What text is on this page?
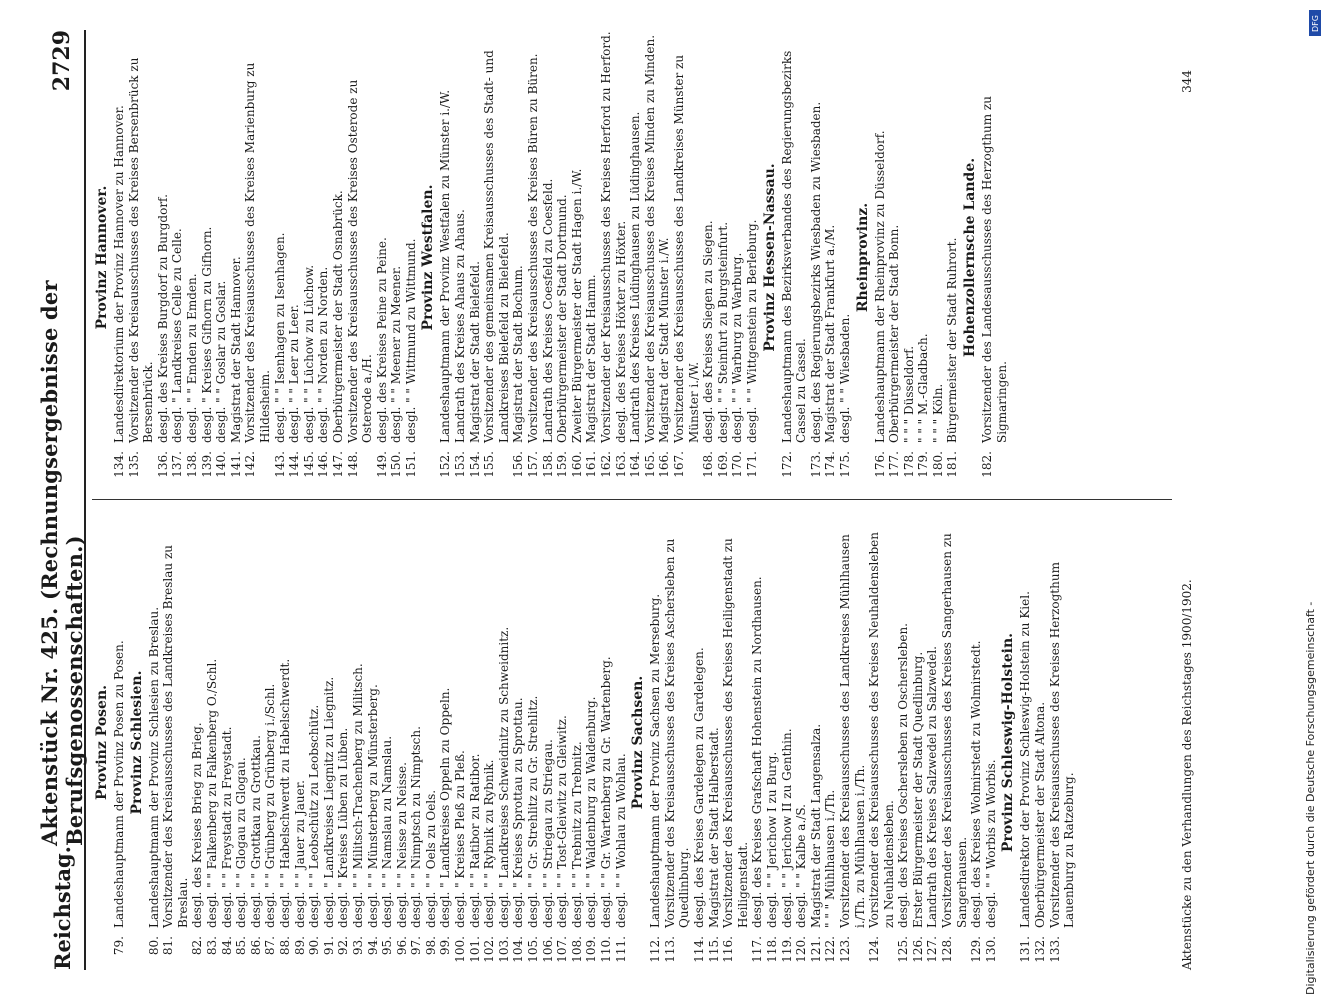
Reichstag.
Aktenstück Nr. 425. (Rechnungsergebnisse der Berufsgenossenschaften.)
2729
Provinz Posen.
79.
Landeshauptmann der Provinz Posen zu Posen. Provinz Schlesien.
80.
Landeshauptmann der Provinz Schlesien zu Breslau.
81.
Vorsitzender des Kreisausschusses des Landkreises Breslau zu Breslau.
82.
desgl. des Kreises Brieg zu Brieg.
83.
desgl. " " Falkenberg zu Falkenberg O./Schl.
84.
desgl. " " Freystadt zu Freystadt.
85.
desgl. " " Glogau zu Glogau.
86.
desgl. " " Grottkau zu Grottkau.
87.
desgl. " " Grünberg zu Grünberg i./Schl.
88.
desgl. " " Habelschwerdt zu Habelschwerdt.
89.
desgl. " " Jauer zu Jauer.
90.
desgl. " " Leobschütz zu Leobschütz.
91.
desgl. " Landkreises Liegnitz zu Liegnitz.
92.
desgl. " Kreises Lüben zu Lüben.
93.
desgl. " " Militsch-Trachenberg zu Militsch.
94.
desgl. " " Münsterberg zu Münsterberg.
95.
desgl. " " Namslau zu Namslau.
96.
desgl. " " Neisse zu Neisse.
97.
desgl. " " Nimptsch zu Nimptsch.
98.
desgl. " " Oels zu Oels.
99.
desgl. " Landkreises Oppeln zu Oppeln.
100.
desgl. " Kreises Pleß zu Pleß.
101.
desgl. " " Ratibor zu Ratibor.
102.
desgl. " " Rybnik zu Rybnik.
103.
desgl. " Landkreises Schweidnitz zu Schweidnitz.
104.
desgl. " Kreises Sprottau zu Sprottau.
105.
desgl. " " Gr. Strehlitz zu Gr. Strehlitz.
106.
desgl. " " Striegau zu Striegau.
107.
desgl. " " Tost-Gleiwitz zu Gleiwitz.
108.
desgl. " " Trebnitz zu Trebnitz.
109.
desgl. " " Waldenburg zu Waldenburg.
110.
desgl. " " Gr. Wartenberg zu Gr. Wartenberg.
111.
desgl. " " Wohlau zu Wohlau.
Provinz Sachsen.
112.
Landeshauptmann der Provinz Sachsen zu Merseburg.
113.
Vorsitzender des Kreisausschusses des Kreises Aschersleben zu Quedlinburg.
114.
desgl. des Kreises Gardelegen zu Gardelegen.
115.
Magistrat der Stadt Halberstadt.
116.
Vorsitzender des Kreisausschusses des Kreises Heiligenstadt zu Heiligenstadt.
117.
desgl. des Kreises Grafschaft Hohenstein zu Nordhausen.
118.
desgl. " " Jerichow I zu Burg.
119.
desgl. " " Jerichow II zu Genthin.
120.
desgl. " " Kalbe a./S.
121.
Magistrat der Stadt Langensalza.
122.
" " " Mühlhausen i./Th.
123.
Vorsitzender des Kreisausschusses des Landkreises Mühlhausen i./Th. zu Mühlhausen i./Th.
124.
Vorsitzender des Kreisausschusses des Kreises Neuhaldensleben zu Neuhaldensleben.
125.
desgl. des Kreises Oschersleben zu Oschersleben.
126.
Erster Bürgermeister der Stadt Quedlinburg.
127.
Landrath des Kreises Salzwedel zu Salzwedel.
128.
Vorsitzender des Kreisausschusses des Kreises Sangerhausen zu Sangerhausen.
129.
desgl. des Kreises Wolmirstedt zu Wolmirstedt.
130.
desgl. " " Worbis zu Worbis. Provinz Schleswig-Holstein.
131.
Landesdirektor der Provinz Schleswig-Holstein zu Kiel.
132.
Oberbürgermeister der Stadt Altona.
133.
Vorsitzender des Kreisausschusses des Kreises Herzogthum Lauenburg zu Ratzeburg.
Provinz Hannover.
134.
Landesdirektorium der Provinz Hannover zu Hannover.
135.
Vorsitzender des Kreisausschusses des Kreises Bersenbrück zu Bersenbrück.
136.
desgl. des Kreises Burgdorf zu Burgdorf.
137.
desgl. " Landkreises Celle zu Celle.
138.
desgl. " " Emden zu Emden.
139.
desgl. " Kreises Gifhorn zu Gifhorn.
140.
desgl. " " Goslar zu Goslar.
141.
Magistrat der Stadt Hannover.
142.
Vorsitzender des Kreisausschusses des Kreises Marienburg zu Hildesheim.
143.
desgl. " " Isenhagen zu Isenhagen.
144.
desgl. " " Leer zu Leer.
145.
desgl. " " Lüchow zu Lüchow.
146.
desgl. " " Norden zu Norden.
147.
Oberbürgermeister der Stadt Osnabrück.
148.
Vorsitzender des Kreisausschusses des Kreises Osterode zu Osterode a./H.
149.
desgl. des Kreises Peine zu Peine.
150.
desgl. " " Meener zu Meener.
151.
desgl. " " Wittmund zu Wittmund. Provinz Westfalen.
152.
Landeshauptmann der Provinz Westfalen zu Münster i./W.
153.
Landrath des Kreises Ahaus zu Ahaus.
154.
Magistrat der Stadt Bielefeld.
155.
Vorsitzender des gemeinsamen Kreisausschusses des Stadt- und Landkreises Bielefeld zu Bielefeld.
156.
Magistrat der Stadt Bochum.
157.
Vorsitzender des Kreisausschusses des Kreises Büren zu Büren.
158.
Landrath des Kreises Coesfeld zu Coesfeld.
159.
Oberbürgermeister der Stadt Dortmund.
160.
Zweiter Bürgermeister der Stadt Hagen i./W.
161.
Magistrat der Stadt Hamm.
162.
Vorsitzender der Kreisausschusses des Kreises Herford zu Herford.
163.
desgl. des Kreises Höxter zu Höxter.
164.
Landrath des Kreises Lüdinghausen zu Lüdinghausen.
165.
Vorsitzender des Kreisausschusses des Kreises Minden zu Minden.
166.
Magistrat der Stadt Münster i./W.
167.
Vorsitzender des Kreisausschusses des Landkreises Münster zu Münster i./W.
168.
desgl. des Kreises Siegen zu Siegen.
169.
desgl. " " Steinfurt zu Burgsteinfurt.
170.
desgl. " " Warburg zu Warburg.
171.
desgl. " " Wittgenstein zu Berleburg. Provinz Hessen-Nassau.
172.
Landeshauptmann des Bezirksverbandes des Regierungsbezirks Cassel zu Cassel.
173.
desgl. des Regierungsbezirks Wiesbaden zu Wiesbaden.
174.
Magistrat der Stadt Frankfurt a./M.
175.
desgl. " " Wiesbaden.
Rheinprovinz.
176.
Landeshauptmann der Rheinprovinz zu Düsseldorf.
177.
Oberbürgermeister der Stadt Bonn.
178.
" " " Düsseldorf.
179.
" " " M.-Gladbach.
180.
" " " Köln.
181.
Bürgermeister der Stadt Ruhrort. Hohenzollernsche Lande.
182.
Vorsitzender des Landesausschusses des Herzogthum zu Sigmaringen.
Aktenstücke zu den Verhandlungen des Reichstages 1900/1902.
344
DFG
Digitalisierung gefördert durch die Deutsche Forschungsgemeinschaft -
